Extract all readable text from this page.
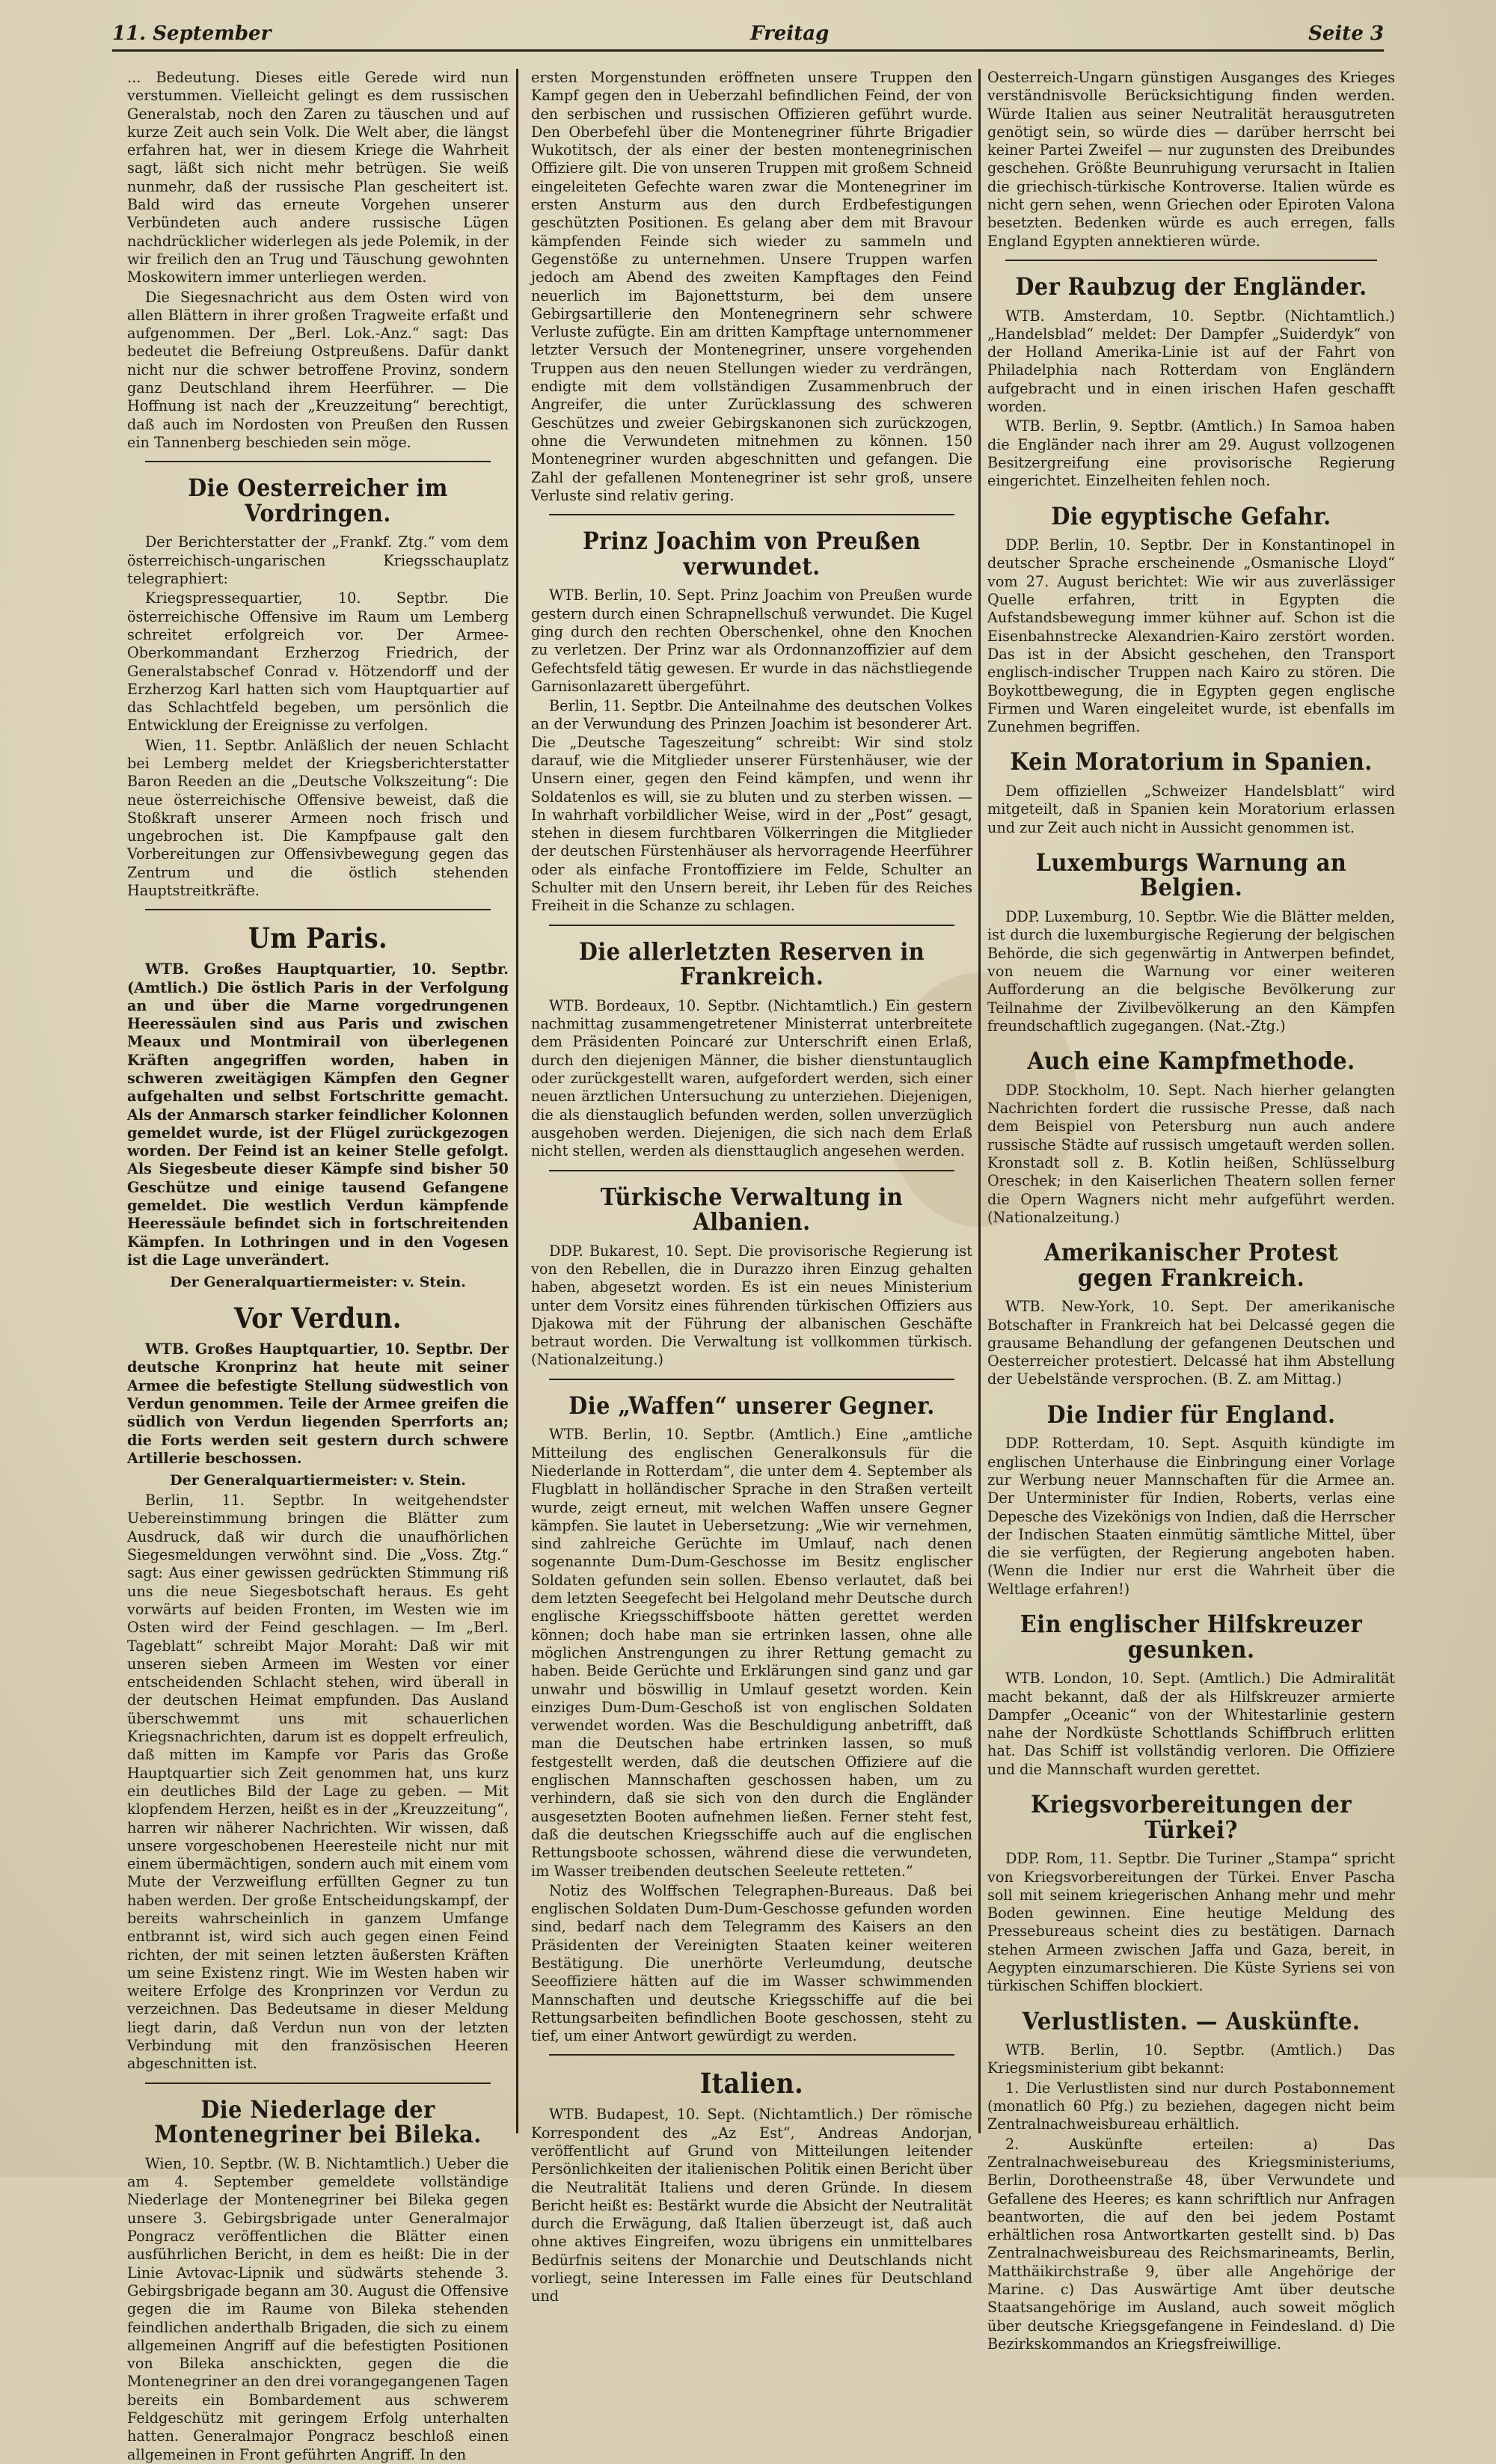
11. September	Freitag	Seite 3

... Bedeutung. Dieses eitle Gerede wird nun verstummen. Vielleicht gelingt es dem russischen Generalstab, noch den Zaren zu täuschen und auf kurze Zeit auch sein Volk. Die Welt aber, die längst erfahren hat, wer in diesem Kriege die Wahrheit sagt, läßt sich nicht mehr betrügen. Sie weiß nunmehr, daß der russische Plan gescheitert ist. Bald wird das erneute Vorgehen unserer Verbündeten auch andere russische Lügen nachdrücklicher widerlegen als jede Polemik, in der wir freilich den an Trug und Täuschung gewohnten Moskowitern immer unterliegen werden.

Die Siegesnachricht aus dem Osten wird von allen Blättern in ihrer großen Tragweite erfaßt und aufgenommen. Der „Berl. Lok.-Anz.“ sagt: Das bedeutet die Befreiung Ostpreußens. Dafür dankt nicht nur die schwer betroffene Provinz, sondern ganz Deutschland ihrem Heerführer. — Die Hoffnung ist nach der „Kreuzzeitung“ berechtigt, daß auch im Nordosten von Preußen den Russen ein Tannenberg beschieden sein möge.

Die Oesterreicher im Vordringen.

Der Berichterstatter der „Frankf. Ztg.“ vom dem österreichisch-ungarischen Kriegsschauplatz telegraphiert:

Kriegspressequartier, 10. Septbr. Die österreichische Offensive im Raum um Lemberg schreitet erfolgreich vor. Der Armee-Oberkommandant Erzherzog Friedrich, der Generalstabschef Conrad v. Hötzendorff und der Erzherzog Karl hatten sich vom Hauptquartier auf das Schlachtfeld begeben, um persönlich die Entwicklung der Ereignisse zu verfolgen.

Wien, 11. Septbr. Anläßlich der neuen Schlacht bei Lemberg meldet der Kriegsberichterstatter Baron Reeden an die „Deutsche Volkszeitung“: Die neue österreichische Offensive beweist, daß die Stoßkraft unserer Armeen noch frisch und ungebrochen ist. Die Kampfpause galt den Vorbereitungen zur Offensivbewegung gegen das Zentrum und die östlich stehenden Hauptstreitkräfte.

Um Paris.

WTB. Großes Hauptquartier, 10. Septbr. (Amtlich.) Die östlich Paris in der Verfolgung an und über die Marne vorgedrungenen Heeressäulen sind aus Paris und zwischen Meaux und Montmirail von überlegenen Kräften angegriffen worden, haben in schweren zweitägigen Kämpfen den Gegner aufgehalten und selbst Fortschritte gemacht. Als der Anmarsch starker feindlicher Kolonnen gemeldet wurde, ist der Flügel zurückgezogen worden. Der Feind ist an keiner Stelle gefolgt. Als Siegesbeute dieser Kämpfe sind bisher 50 Geschütze und einige tausend Gefangene gemeldet. Die westlich Verdun kämpfende Heeressäule befindet sich in fortschreitenden Kämpfen. In Lothringen und in den Vogesen ist die Lage unverändert.

Der Generalquartiermeister: v. Stein.
Vor Verdun.

WTB. Großes Hauptquartier, 10. Septbr. Der deutsche Kronprinz hat heute mit seiner Armee die befestigte Stellung südwestlich von Verdun genommen. Teile der Armee greifen die südlich von Verdun liegenden Sperrforts an; die Forts werden seit gestern durch schwere Artillerie beschossen.

Der Generalquartiermeister: v. Stein.

Berlin, 11. Septbr. In weitgehendster Uebereinstimmung bringen die Blätter zum Ausdruck, daß wir durch die unaufhörlichen Siegesmeldungen verwöhnt sind. Die „Voss. Ztg.“ sagt: Aus einer gewissen gedrückten Stimmung riß uns die neue Siegesbotschaft heraus. Es geht vorwärts auf beiden Fronten, im Westen wie im Osten wird der Feind geschlagen. — Im „Berl. Tageblatt“ schreibt Major Moraht: Daß wir mit unseren sieben Armeen im Westen vor einer entscheidenden Schlacht stehen, wird überall in der deutschen Heimat empfunden. Das Ausland überschwemmt uns mit schauerlichen Kriegsnachrichten, darum ist es doppelt erfreulich, daß mitten im Kampfe vor Paris das Große Hauptquartier sich Zeit genommen hat, uns kurz ein deutliches Bild der Lage zu geben. — Mit klopfendem Herzen, heißt es in der „Kreuzzeitung“, harren wir näherer Nachrichten. Wir wissen, daß unsere vorgeschobenen Heeresteile nicht nur mit einem übermächtigen, sondern auch mit einem vom Mute der Verzweiflung erfüllten Gegner zu tun haben werden. Der große Entscheidungskampf, der bereits wahrscheinlich in ganzem Umfange entbrannt ist, wird sich auch gegen einen Feind richten, der mit seinen letzten äußersten Kräften um seine Existenz ringt. Wie im Westen haben wir weitere Erfolge des Kronprinzen vor Verdun zu verzeichnen. Das Bedeutsame in dieser Meldung liegt darin, daß Verdun nun von der letzten Verbindung mit den französischen Heeren abgeschnitten ist.

Die Niederlage der Montenegriner bei Bileka.

Wien, 10. Septbr. (W. B. Nichtamtlich.) Ueber die am 4. September gemeldete vollständige Niederlage der Montenegriner bei Bileka gegen unsere 3. Gebirgsbrigade unter Generalmajor Pongracz veröffentlichen die Blätter einen ausführlichen Bericht, in dem es heißt: Die in der Linie Avtovac-Lipnik und südwärts stehende 3. Gebirgsbrigade begann am 30. August die Offensive gegen die im Raume von Bileka stehenden feindlichen anderthalb Brigaden, die sich zu einem allgemeinen Angriff auf die befestigten Positionen von Bileka anschickten, gegen die die Montenegriner an den drei vorangegangenen Tagen bereits ein Bombardement aus schwerem Feldgeschütz mit geringem Erfolg unterhalten hatten. Generalmajor Pongracz beschloß einen allgemeinen in Front geführten Angriff. In den

ersten Morgenstunden eröffneten unsere Truppen den Kampf gegen den in Ueberzahl befindlichen Feind, der von den serbischen und russischen Offizieren geführt wurde. Den Oberbefehl über die Montenegriner führte Brigadier Wukotitsch, der als einer der besten montenegrinischen Offiziere gilt. Die von unseren Truppen mit großem Schneid eingeleiteten Gefechte waren zwar die Montenegriner im ersten Ansturm aus den durch Erdbefestigungen geschützten Positionen. Es gelang aber dem mit Bravour kämpfenden Feinde sich wieder zu sammeln und Gegenstöße zu unternehmen. Unsere Truppen warfen jedoch am Abend des zweiten Kampftages den Feind neuerlich im Bajonettsturm, bei dem unsere Gebirgsartillerie den Montenegrinern sehr schwere Verluste zufügte. Ein am dritten Kampftage unternommener letzter Versuch der Montenegriner, unsere vorgehenden Truppen aus den neuen Stellungen wieder zu verdrängen, endigte mit dem vollständigen Zusammenbruch der Angreifer, die unter Zurücklassung des schweren Geschützes und zweier Gebirgskanonen sich zurückzogen, ohne die Verwundeten mitnehmen zu können. 150 Montenegriner wurden abgeschnitten und gefangen. Die Zahl der gefallenen Montenegriner ist sehr groß, unsere Verluste sind relativ gering.

Prinz Joachim von Preußen verwundet.

WTB. Berlin, 10. Sept. Prinz Joachim von Preußen wurde gestern durch einen Schrapnellschuß verwundet. Die Kugel ging durch den rechten Oberschenkel, ohne den Knochen zu verletzen. Der Prinz war als Ordonnanzoffizier auf dem Gefechtsfeld tätig gewesen. Er wurde in das nächstliegende Garnisonlazarett übergeführt.

Berlin, 11. Septbr. Die Anteilnahme des deutschen Volkes an der Verwundung des Prinzen Joachim ist besonderer Art. Die „Deutsche Tageszeitung“ schreibt: Wir sind stolz darauf, wie die Mitglieder unserer Fürstenhäuser, wie der Unsern einer, gegen den Feind kämpfen, und wenn ihr Soldatenlos es will, sie zu bluten und zu sterben wissen. — In wahrhaft vorbildlicher Weise, wird in der „Post“ gesagt, stehen in diesem furchtbaren Völkerringen die Mitglieder der deutschen Fürstenhäuser als hervorragende Heerführer oder als einfache Frontoffiziere im Felde, Schulter an Schulter mit den Unsern bereit, ihr Leben für des Reiches Freiheit in die Schanze zu schlagen.

Die allerletzten Reserven in Frankreich.

WTB. Bordeaux, 10. Septbr. (Nichtamtlich.) Ein gestern nachmittag zusammengetretener Ministerrat unterbreitete dem Präsidenten Poincaré zur Unterschrift einen Erlaß, durch den diejenigen Männer, die bisher dienstuntauglich oder zurückgestellt waren, aufgefordert werden, sich einer neuen ärztlichen Untersuchung zu unterziehen. Diejenigen, die als dienstauglich befunden werden, sollen unverzüglich ausgehoben werden. Diejenigen, die sich nach dem Erlaß nicht stellen, werden als diensttauglich angesehen werden.

Türkische Verwaltung in Albanien.

DDP. Bukarest, 10. Sept. Die provisorische Regierung ist von den Rebellen, die in Durazzo ihren Einzug gehalten haben, abgesetzt worden. Es ist ein neues Ministerium unter dem Vorsitz eines führenden türkischen Offiziers aus Djakowa mit der Führung der albanischen Geschäfte betraut worden. Die Verwaltung ist vollkommen türkisch. (Nationalzeitung.)

Die „Waffen“ unserer Gegner.

WTB. Berlin, 10. Septbr. (Amtlich.) Eine „amtliche Mitteilung des englischen Generalkonsuls für die Niederlande in Rotterdam“, die unter dem 4. September als Flugblatt in holländischer Sprache in den Straßen verteilt wurde, zeigt erneut, mit welchen Waffen unsere Gegner kämpfen. Sie lautet in Uebersetzung: „Wie wir vernehmen, sind zahlreiche Gerüchte im Umlauf, nach denen sogenannte Dum-Dum-Geschosse im Besitz englischer Soldaten gefunden sein sollen. Ebenso verlautet, daß bei dem letzten Seegefecht bei Helgoland mehr Deutsche durch englische Kriegsschiffsboote hätten gerettet werden können; doch habe man sie ertrinken lassen, ohne alle möglichen Anstrengungen zu ihrer Rettung gemacht zu haben. Beide Gerüchte und Erklärungen sind ganz und gar unwahr und böswillig in Umlauf gesetzt worden. Kein einziges Dum-Dum-Geschoß ist von englischen Soldaten verwendet worden. Was die Beschuldigung anbetrifft, daß man die Deutschen habe ertrinken lassen, so muß festgestellt werden, daß die deutschen Offiziere auf die englischen Mannschaften geschossen haben, um zu verhindern, daß sie sich von den durch die Engländer ausgesetzten Booten aufnehmen ließen. Ferner steht fest, daß die deutschen Kriegsschiffe auch auf die englischen Rettungsboote schossen, während diese die verwundeten, im Wasser treibenden deutschen Seeleute retteten.“

Notiz des Wolffschen Telegraphen-Bureaus. Daß bei englischen Soldaten Dum-Dum-Geschosse gefunden worden sind, bedarf nach dem Telegramm des Kaisers an den Präsidenten der Vereinigten Staaten keiner weiteren Bestätigung. Die unerhörte Verleumdung, deutsche Seeoffiziere hätten auf die im Wasser schwimmenden Mannschaften und deutsche Kriegsschiffe auf die bei Rettungsarbeiten befindlichen Boote geschossen, steht zu tief, um einer Antwort gewürdigt zu werden.

Italien.

WTB. Budapest, 10. Sept. (Nichtamtlich.) Der römische Korrespondent des „Az Est“, Andreas Andorjan, veröffentlicht auf Grund von Mitteilungen leitender Persönlichkeiten der italienischen Politik einen Bericht über die Neutralität Italiens und deren Gründe. In diesem Bericht heißt es: Bestärkt wurde die Absicht der Neutralität durch die Erwägung, daß Italien überzeugt ist, daß auch ohne aktives Eingreifen, wozu übrigens ein unmittelbares Bedürfnis seitens der Monarchie und Deutschlands nicht vorliegt, seine Interessen im Falle eines für Deutschland und

Oesterreich-Ungarn günstigen Ausganges des Krieges verständnisvolle Berücksichtigung finden werden. Würde Italien aus seiner Neutralität herausgutreten genötigt sein, so würde dies — darüber herrscht bei keiner Partei Zweifel — nur zugunsten des Dreibundes geschehen. Größte Beunruhigung verursacht in Italien die griechisch-türkische Kontroverse. Italien würde es nicht gern sehen, wenn Griechen oder Epiroten Valona besetzten. Bedenken würde es auch erregen, falls England Egypten annektieren würde.

Der Raubzug der Engländer.

WTB. Amsterdam, 10. Septbr. (Nichtamtlich.) „Handelsblad“ meldet: Der Dampfer „Suiderdyk“ von der Holland Amerika-Linie ist auf der Fahrt von Philadelphia nach Rotterdam von Engländern aufgebracht und in einen irischen Hafen geschafft worden.

WTB. Berlin, 9. Septbr. (Amtlich.) In Samoa haben die Engländer nach ihrer am 29. August vollzogenen Besitzergreifung eine provisorische Regierung eingerichtet. Einzelheiten fehlen noch.

Die egyptische Gefahr.

DDP. Berlin, 10. Septbr. Der in Konstantinopel in deutscher Sprache erscheinende „Osmanische Lloyd“ vom 27. August berichtet: Wie wir aus zuverlässiger Quelle erfahren, tritt in Egypten die Aufstandsbewegung immer kühner auf. Schon ist die Eisenbahnstrecke Alexandrien-Kairo zerstört worden. Das ist in der Absicht geschehen, den Transport englisch-indischer Truppen nach Kairo zu stören. Die Boykottbewegung, die in Egypten gegen englische Firmen und Waren eingeleitet wurde, ist ebenfalls im Zunehmen begriffen.

Kein Moratorium in Spanien.

Dem offiziellen „Schweizer Handelsblatt“ wird mitgeteilt, daß in Spanien kein Moratorium erlassen und zur Zeit auch nicht in Aussicht genommen ist.

Luxemburgs Warnung an Belgien.

DDP. Luxemburg, 10. Septbr. Wie die Blätter melden, ist durch die luxemburgische Regierung der belgischen Behörde, die sich gegenwärtig in Antwerpen befindet, von neuem die Warnung vor einer weiteren Aufforderung an die belgische Bevölkerung zur Teilnahme der Zivilbevölkerung an den Kämpfen freundschaftlich zugegangen. (Nat.-Ztg.)

Auch eine Kampfmethode.

DDP. Stockholm, 10. Sept. Nach hierher gelangten Nachrichten fordert die russische Presse, daß nach dem Beispiel von Petersburg nun auch andere russische Städte auf russisch umgetauft werden sollen. Kronstadt soll z. B. Kotlin heißen, Schlüsselburg Oreschek; in den Kaiserlichen Theatern sollen ferner die Opern Wagners nicht mehr aufgeführt werden. (Nationalzeitung.)

Amerikanischer Protest gegen Frankreich.

WTB. New-York, 10. Sept. Der amerikanische Botschafter in Frankreich hat bei Delcassé gegen die grausame Behandlung der gefangenen Deutschen und Oesterreicher protestiert. Delcassé hat ihm Abstellung der Uebelstände versprochen. (B. Z. am Mittag.)

Die Indier für England.

DDP. Rotterdam, 10. Sept. Asquith kündigte im englischen Unterhause die Einbringung einer Vorlage zur Werbung neuer Mannschaften für die Armee an. Der Unterminister für Indien, Roberts, verlas eine Depesche des Vizekönigs von Indien, daß die Herrscher der Indischen Staaten einmütig sämtliche Mittel, über die sie verfügten, der Regierung angeboten haben. (Wenn die Indier nur erst die Wahrheit über die Weltlage erfahren!)

Ein englischer Hilfskreuzer gesunken.

WTB. London, 10. Sept. (Amtlich.) Die Admiralität macht bekannt, daß der als Hilfskreuzer armierte Dampfer „Oceanic“ von der Whitestarlinie gestern nahe der Nordküste Schottlands Schiffbruch erlitten hat. Das Schiff ist vollständig verloren. Die Offiziere und die Mannschaft wurden gerettet.

Kriegsvorbereitungen der Türkei?

DDP. Rom, 11. Septbr. Die Turiner „Stampa“ spricht von Kriegsvorbereitungen der Türkei. Enver Pascha soll mit seinem kriegerischen Anhang mehr und mehr Boden gewinnen. Eine heutige Meldung des Pressebureaus scheint dies zu bestätigen. Darnach stehen Armeen zwischen Jaffa und Gaza, bereit, in Aegypten einzumarschieren. Die Küste Syriens sei von türkischen Schiffen blockiert.

Verlustlisten. — Auskünfte.

WTB. Berlin, 10. Septbr. (Amtlich.) Das Kriegsministerium gibt bekannt:

1. Die Verlustlisten sind nur durch Postabonnement (monatlich 60 Pfg.) zu beziehen, dagegen nicht beim Zentralnachweisbureau erhältlich.

2. Auskünfte erteilen: a) Das Zentralnachweisebureau des Kriegsministeriums, Berlin, Dorotheenstraße 48, über Verwundete und Gefallene des Heeres; es kann schriftlich nur Anfragen beantworten, die auf den bei jedem Postamt erhältlichen rosa Antwortkarten gestellt sind. b) Das Zentralnachweisbureau des Reichsmarineamts, Berlin, Matthäikirchstraße 9, über alle Angehörige der Marine. c) Das Auswärtige Amt über deutsche Staatsangehörige im Ausland, auch soweit möglich über deutsche Kriegsgefangene in Feindesland. d) Die Bezirkskommandos an Kriegsfreiwillige.
